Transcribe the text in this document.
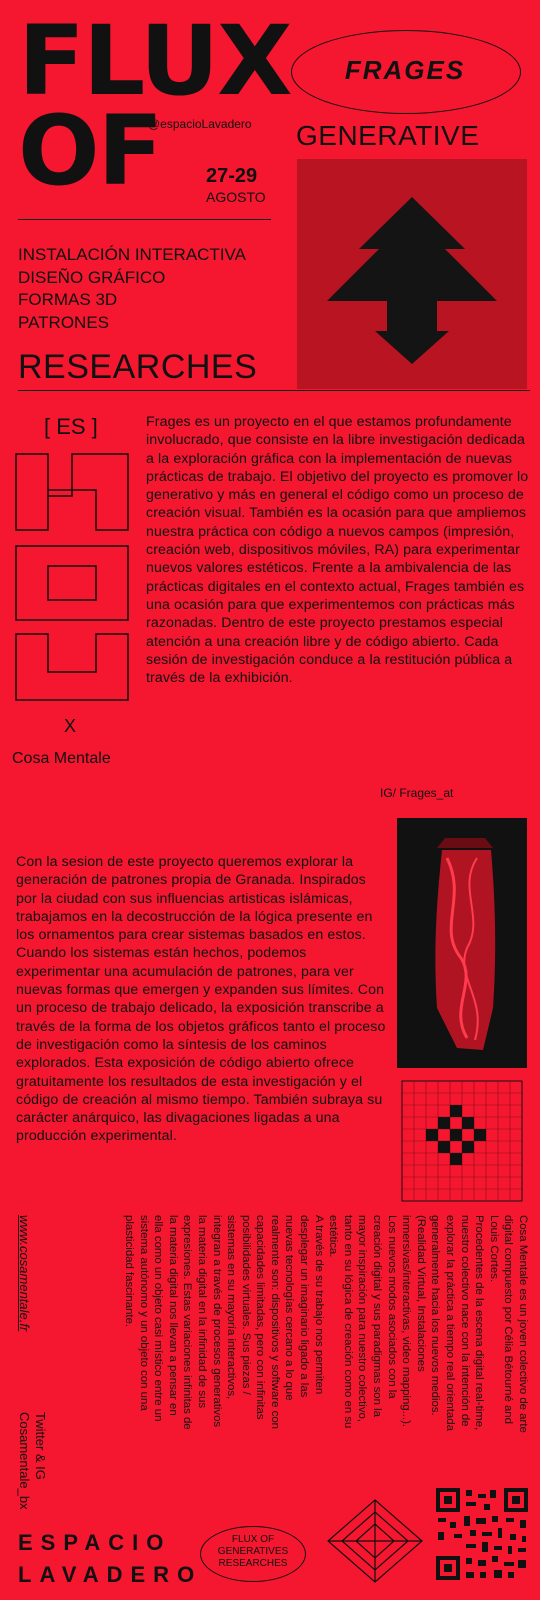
FLUX
OF
@espacioLavadero
27-29
AGOSTO
FRAGES
GENERATIVE
INSTALACIÓN INTERACTIVA
DISEÑO GRÁFICO
FORMAS 3D
PATRONES
RESEARCHES
[ ES ]
X
Cosa Mentale
Frages es un proyecto en el que estamos profundamente involucrado, que consiste en la libre investigación dedicada a la exploración gráfica con la implementación de nuevas prácticas de trabajo. El objetivo del proyecto es promover lo generativo y más en general el código como un proceso de creación visual. También es la ocasión para que ampliemos nuestra práctica con código a nuevos campos (impresión, creación web, dispositivos móviles, RA) para experimentar nuevos valores estéticos. Frente a la ambivalencia de las prácticas digitales en el contexto actual, Frages también es una ocasión para que experimentemos con prácticas más razonadas. Dentro de este proyecto prestamos especial atención a una creación libre y de código abierto. Cada sesión de investigación conduce a la restitución pública a través de la exhibición.
IG/ Frages_at
Con la sesion de este proyecto queremos explorar la generación de patrones propia de Granada. Inspirados por la ciudad con sus influencias artisticas islámicas, trabajamos en la decostrucción de la lógica presente en los ornamentos para crear sistemas basados en estos. Cuando los sistemas están hechos, podemos experimentar una acumulación de patrones, para ver nuevas formas que emergen y expanden sus límites. Con un proceso de trabajo delicado, la exposición transcribe a través de la forma de los objetos gráficos tanto el proceso de investigación como la síntesis de los caminos explorados. Esta exposición de código abierto ofrece gratuitamente los resultados de esta investigación y el código de creación al mismo tiempo. También subraya su carácter anárquico, las divagaciones ligadas a una producción experimental.
Cosa Mentale es un joven colectivo de arte
digital compuesto por Célia Bétourné and
Louis Cortes.
Procedentes de la escena digital real-time,
nuestro colectivo nace con la intención de
explorar la práctica a tiempo real orientada
generalmente hacia los nuevos medios.
(Realidad Virtual, Instalaciones
inmersivas/interactivas, video mapping...).
Los nuevos modos asociados con la
creación digital y sus paradigmas son la
mayor inspiración para nuestro colectivo,
tanto en su lógica de creación como en su
estética.
A través de su trabajo nos permiten
desplegar un imaginario ligado a las
nuevas tecnologías cercano a lo que
realmente son: dispositivos y software con
capacidades limitadas, pero con infinitas
posibilidades virtuales. Sus piezas /
sistemas en su mayoría interactivos,
integran a través de procesos generativos
la materia digital en la infinidad de sus
expresiones. Estas variaciones infinitas de
la materia digital nos llevan a pensar en
ella como un objeto casi místico entre un
sistema autónomo y un objeto con una
plasticidad fascinante.
www.cosamentale.fr
Twitter & IG
Cosamentale_bx
ESPACIO
LAVADERO
FLUX OF
GENERATIVES
RESEARCHES
